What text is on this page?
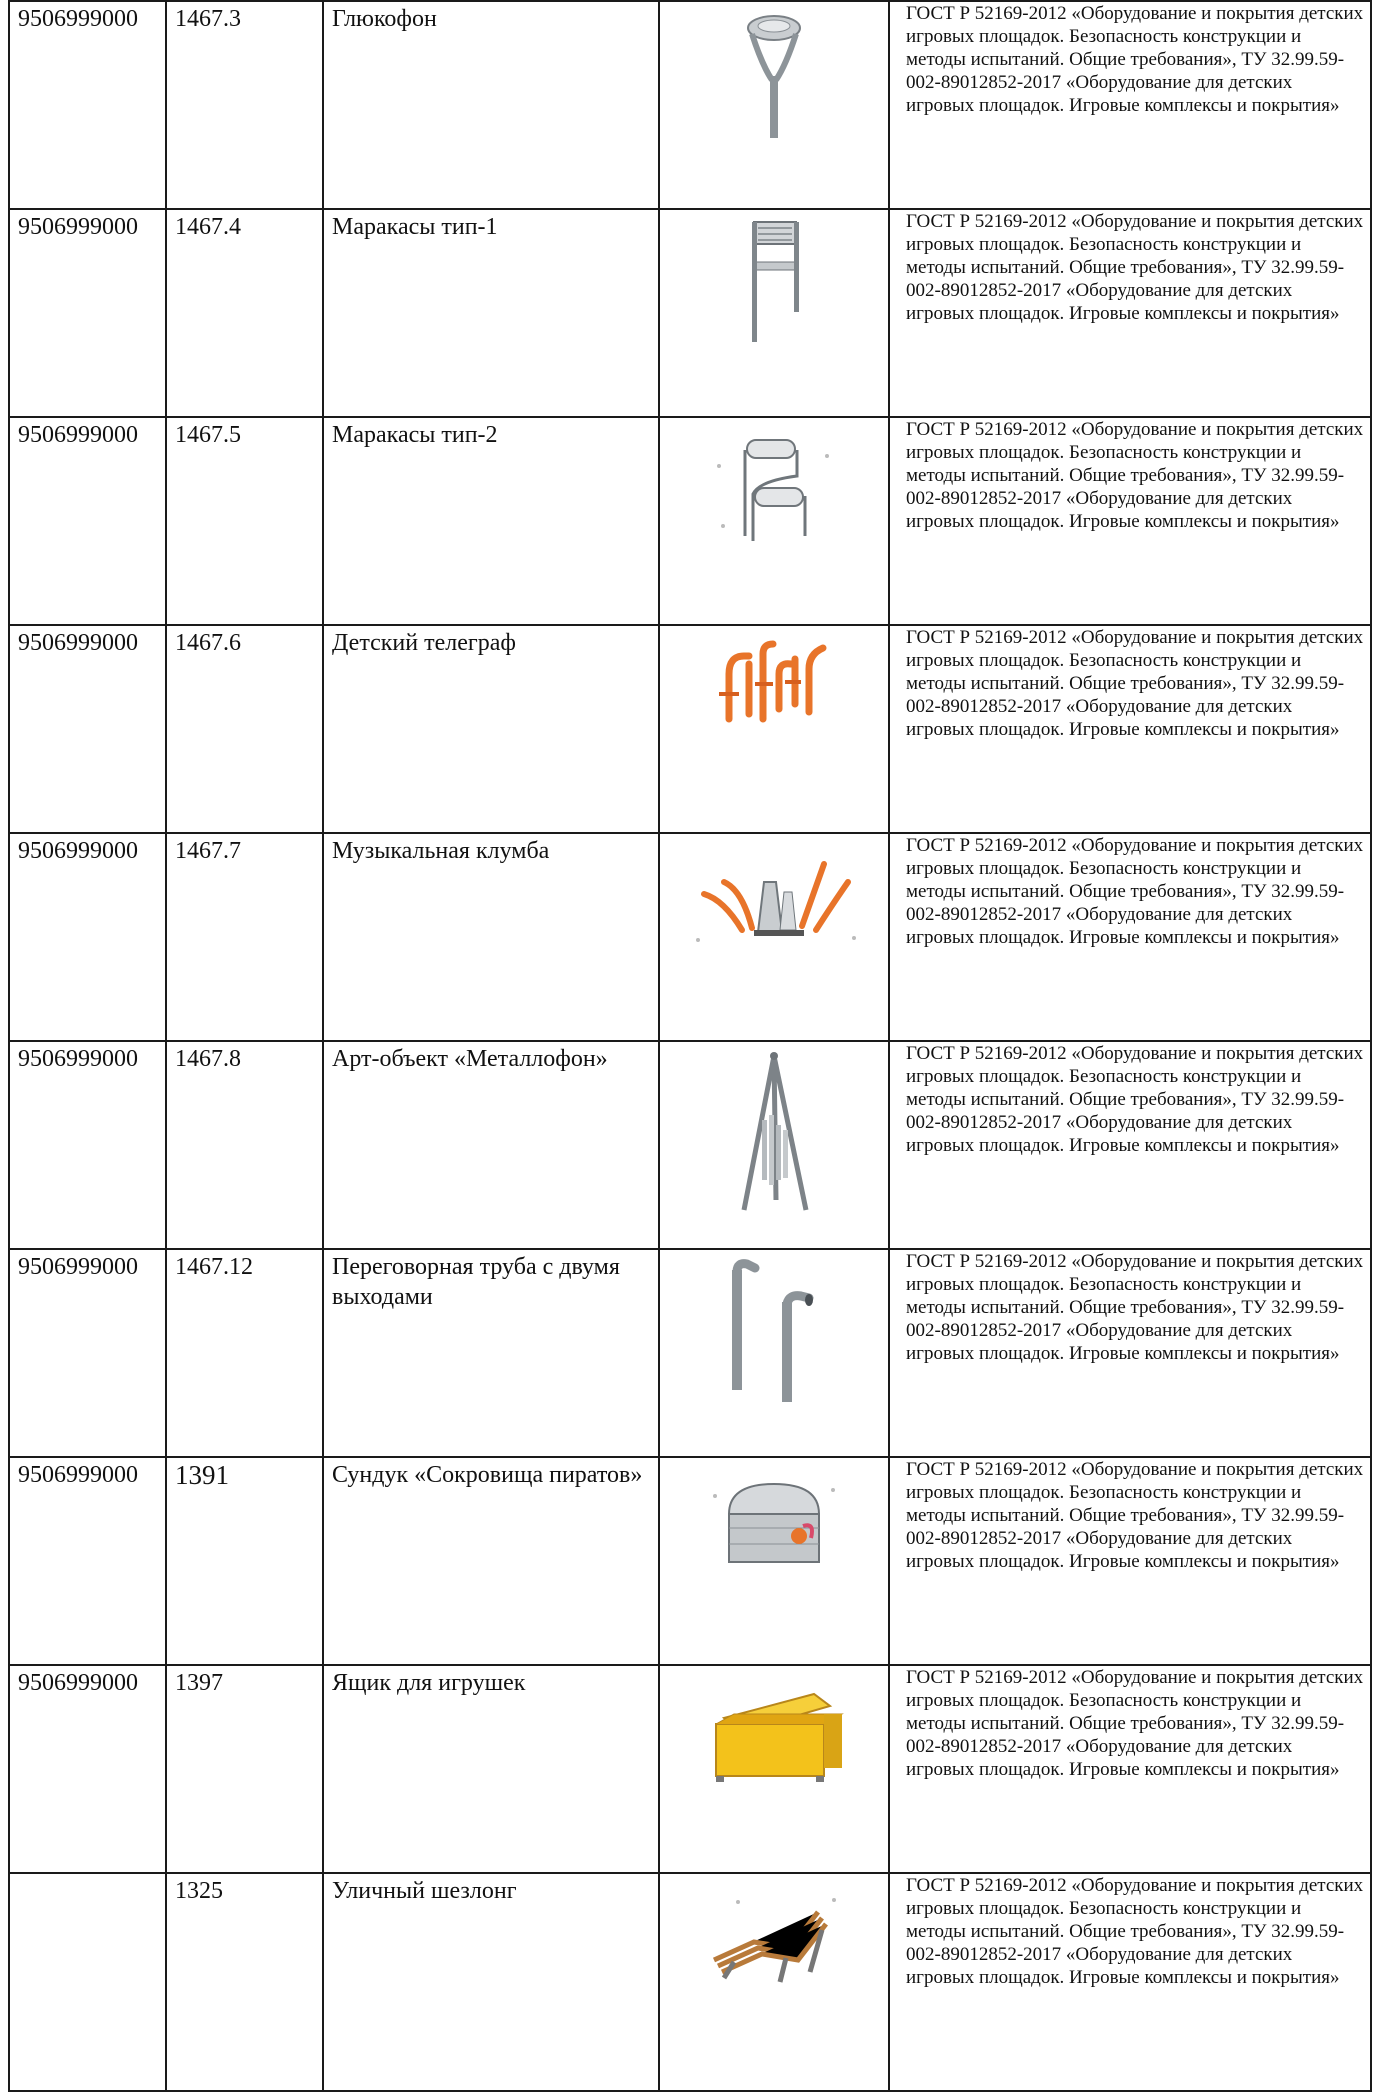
9506999000	1467.3	Глюкофон		ГОСТ Р 52169-2012 «Оборудование и покрытия детских игровых площадок. Безопасность конструкции и методы испытаний. Общие требования», ТУ 32.99.59-002-89012852-2017 «Оборудование для детских игровых площадок. Игровые комплексы и покрытия»

9506999000	1467.4	Маракасы тип-1		ГОСТ Р 52169-2012 «Оборудование и покрытия детских игровых площадок. Безопасность конструкции и методы испытаний. Общие требования», ТУ 32.99.59-002-89012852-2017 «Оборудование для детских игровых площадок. Игровые комплексы и покрытия»

9506999000	1467.5	Маракасы тип-2		ГОСТ Р 52169-2012 «Оборудование и покрытия детских игровых площадок. Безопасность конструкции и методы испытаний. Общие требования», ТУ 32.99.59-002-89012852-2017 «Оборудование для детских игровых площадок. Игровые комплексы и покрытия»

9506999000	1467.6	Детский телеграф		ГОСТ Р 52169-2012 «Оборудование и покрытия детских игровых площадок. Безопасность конструкции и методы испытаний. Общие требования», ТУ 32.99.59-002-89012852-2017 «Оборудование для детских игровых площадок. Игровые комплексы и покрытия»

9506999000	1467.7	Музыкальная клумба		ГОСТ Р 52169-2012 «Оборудование и покрытия детских игровых площадок. Безопасность конструкции и методы испытаний. Общие требования», ТУ 32.99.59-002-89012852-2017 «Оборудование для детских игровых площадок. Игровые комплексы и покрытия»

9506999000	1467.8	Арт-объект «Металлофон»		ГОСТ Р 52169-2012 «Оборудование и покрытия детских игровых площадок. Безопасность конструкции и методы испытаний. Общие требования», ТУ 32.99.59-002-89012852-2017 «Оборудование для детских игровых площадок. Игровые комплексы и покрытия»

9506999000	1467.12	Переговорная труба с двумя выходами		ГОСТ Р 52169-2012 «Оборудование и покрытия детских игровых площадок. Безопасность конструкции и методы испытаний. Общие требования», ТУ 32.99.59-002-89012852-2017 «Оборудование для детских игровых площадок. Игровые комплексы и покрытия»

9506999000	1391	Сундук «Сокровища пиратов»		ГОСТ Р 52169-2012 «Оборудование и покрытия детских игровых площадок. Безопасность конструкции и методы испытаний. Общие требования», ТУ 32.99.59-002-89012852-2017 «Оборудование для детских игровых площадок. Игровые комплексы и покрытия»

9506999000	1397	Ящик для игрушек		ГОСТ Р 52169-2012 «Оборудование и покрытия детских игровых площадок. Безопасность конструкции и методы испытаний. Общие требования», ТУ 32.99.59-002-89012852-2017 «Оборудование для детских игровых площадок. Игровые комплексы и покрытия»

	1325	Уличный шезлонг		ГОСТ Р 52169-2012 «Оборудование и покрытия детских игровых площадок. Безопасность конструкции и методы испытаний. Общие требования», ТУ 32.99.59-002-89012852-2017 «Оборудование для детских игровых площадок. Игровые комплексы и покрытия»
